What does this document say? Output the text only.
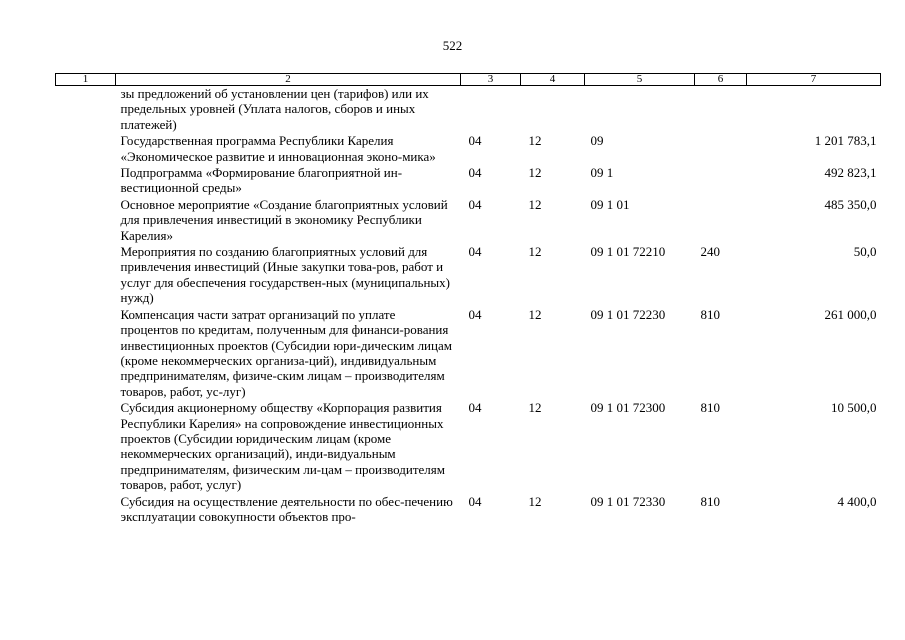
522
1	2	3	4	5	6	7
	зы предложений об установлении цен (тарифов) или их предельных уровней (Уплата налогов, сборов и иных платежей)					
	Государственная программа Республики Карелия «Экономическое развитие и инновационная эконо-мика»	04	12	09		1 201 783,1
	Подпрограмма «Формирование благоприятной ин-вестиционной среды»	04	12	09 1		492 823,1
	Основное мероприятие «Создание благоприятных условий для привлечения инвестиций в экономику Республики Карелия»	04	12	09 1 01		485 350,0
	Мероприятия по созданию благоприятных условий для привлечения инвестиций (Иные закупки това-ров, работ и услуг для обеспечения государствен-ных (муниципальных) нужд)	04	12	09 1 01 72210	240	50,0
	Компенсация части затрат организаций по уплате процентов по кредитам, полученным для финанси-рования инвестиционных проектов (Субсидии юри-дическим лицам (кроме некоммерческих организа-ций), индивидуальным предпринимателям, физиче-ским лицам – производителям товаров, работ, ус-луг)	04	12	09 1 01 72230	810	261 000,0
	Субсидия акционерному обществу «Корпорация развития Республики Карелия» на сопровождение инвестиционных проектов (Субсидии юридическим лицам (кроме некоммерческих организаций), инди-видуальным предпринимателям, физическим ли-цам – производителям товаров, работ, услуг)	04	12	09 1 01 72300	810	10 500,0
	Субсидия на осуществление деятельности по обес-печению эксплуатации совокупности объектов про-	04	12	09 1 01 72330	810	4 400,0
